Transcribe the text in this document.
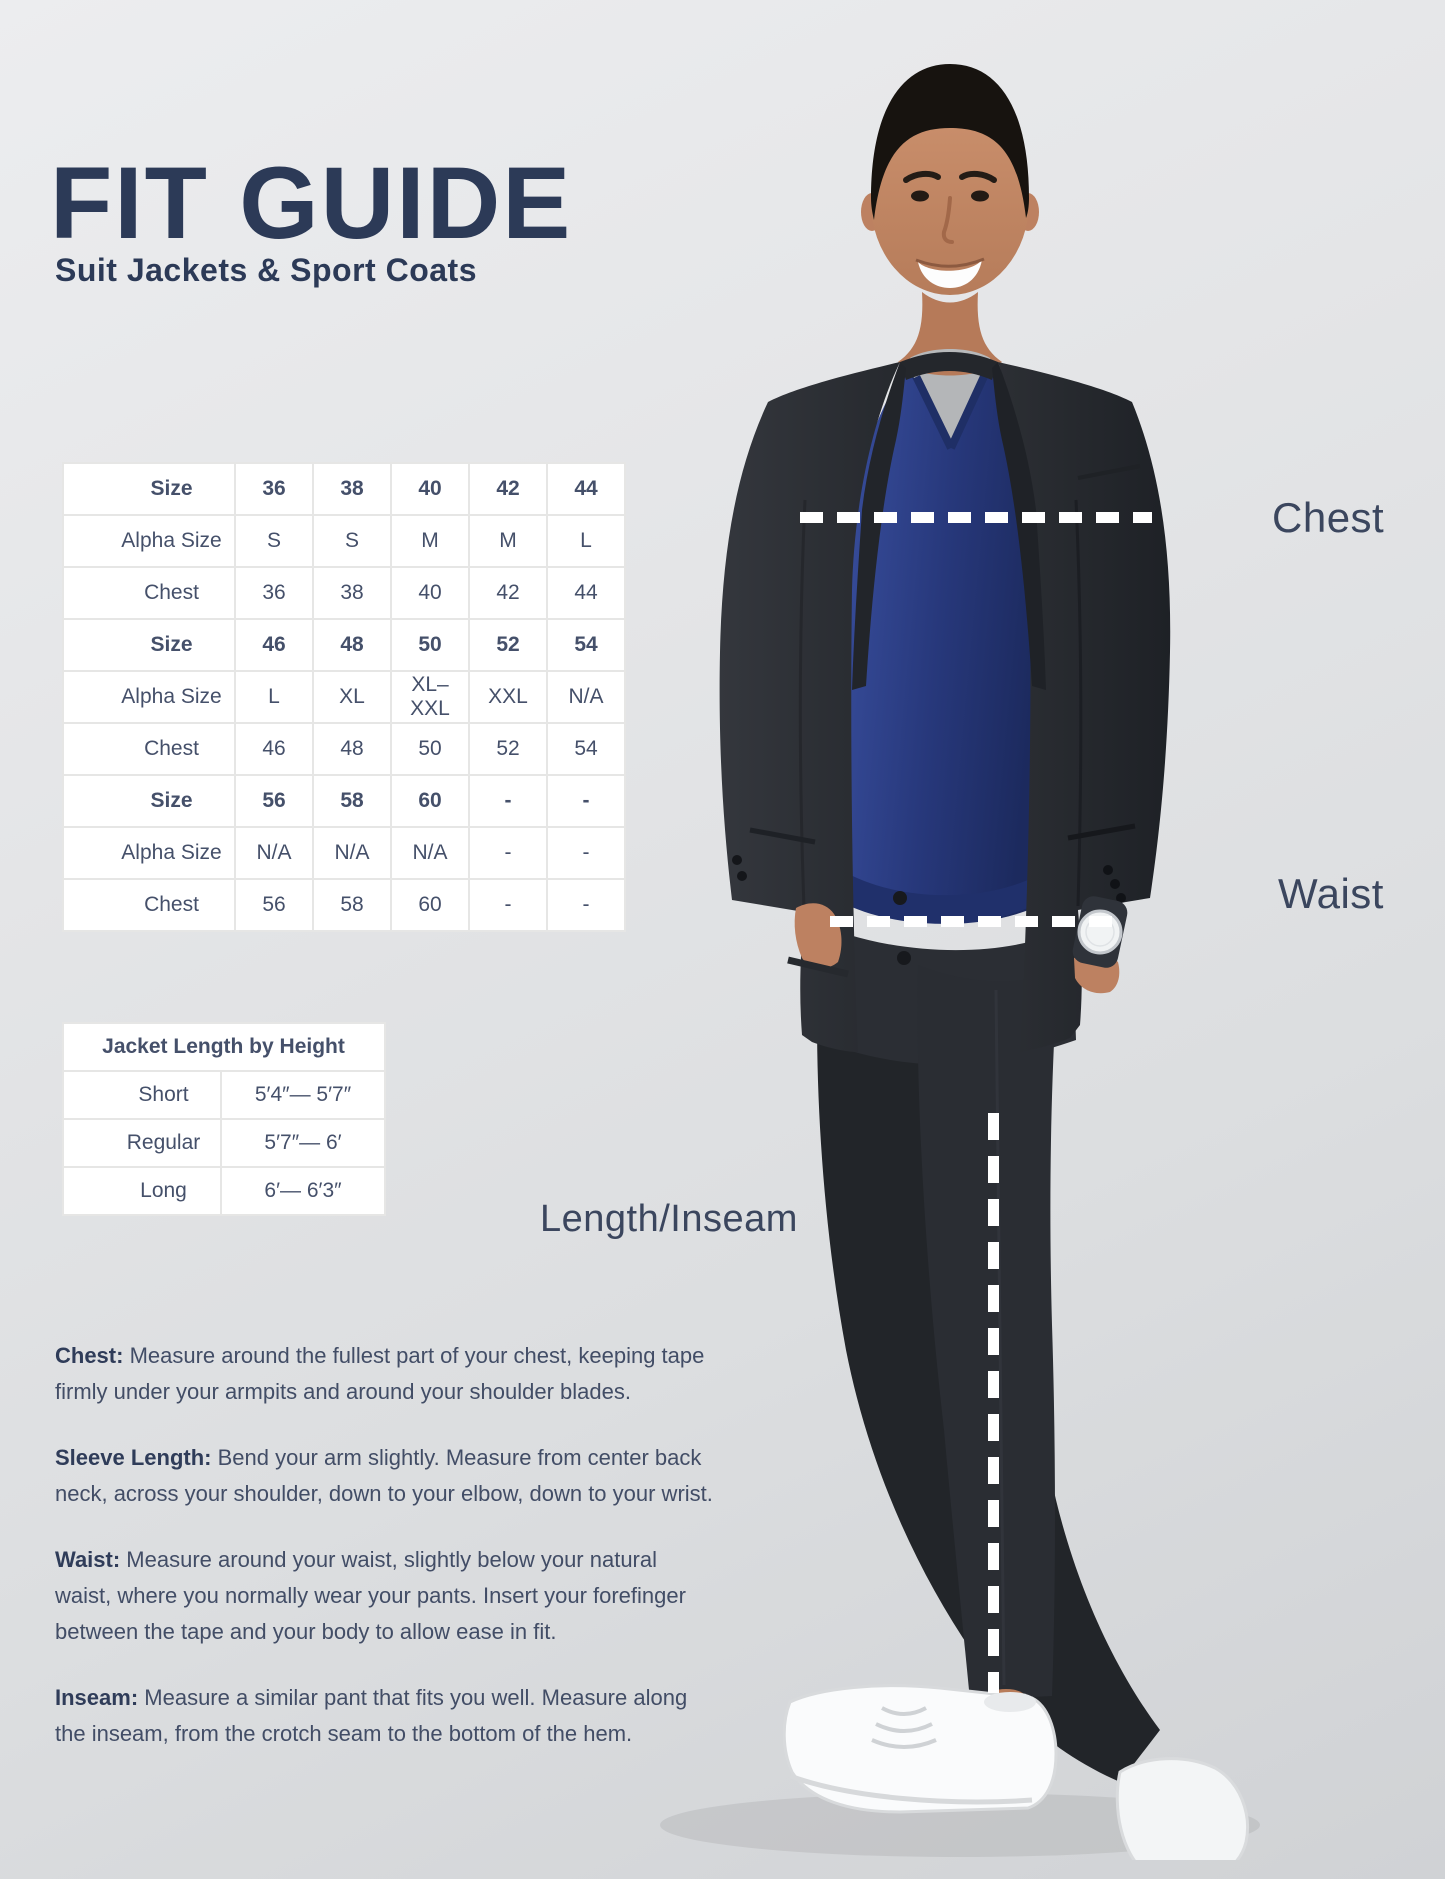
Chest
Waist
Length/Inseam
FIT GUIDE
Suit Jackets & Sport Coats
Size	36	38	40	42	44
Alpha Size	S	S	M	M	L
Chest	36	38	40	42	44
Size	46	48	50	52	54
Alpha Size	L	XL	XL–XXL	XXL	N/A
Chest	46	48	50	52	54
Size	56	58	60	-	-
Alpha Size	N/A	N/A	N/A	-	-
Chest	56	58	60	-	-
Jacket Length by Height	
Short	5′4″— 5′7″
Regular	5′7″— 6′
Long	6′— 6′3″

Chest: Measure around the fullest part of your chest, keeping tape firmly under your armpits and around your shoulder blades.

Sleeve Length: Bend your arm slightly. Measure from center back neck, across your shoulder, down to your elbow, down to your wrist.

Waist: Measure around your waist, slightly below your natural waist, where you normally wear your pants. Insert your forefinger between the tape and your body to allow ease in fit.

Inseam: Measure a similar pant that fits you well. Measure along the inseam, from the crotch seam to the bottom of the hem.
